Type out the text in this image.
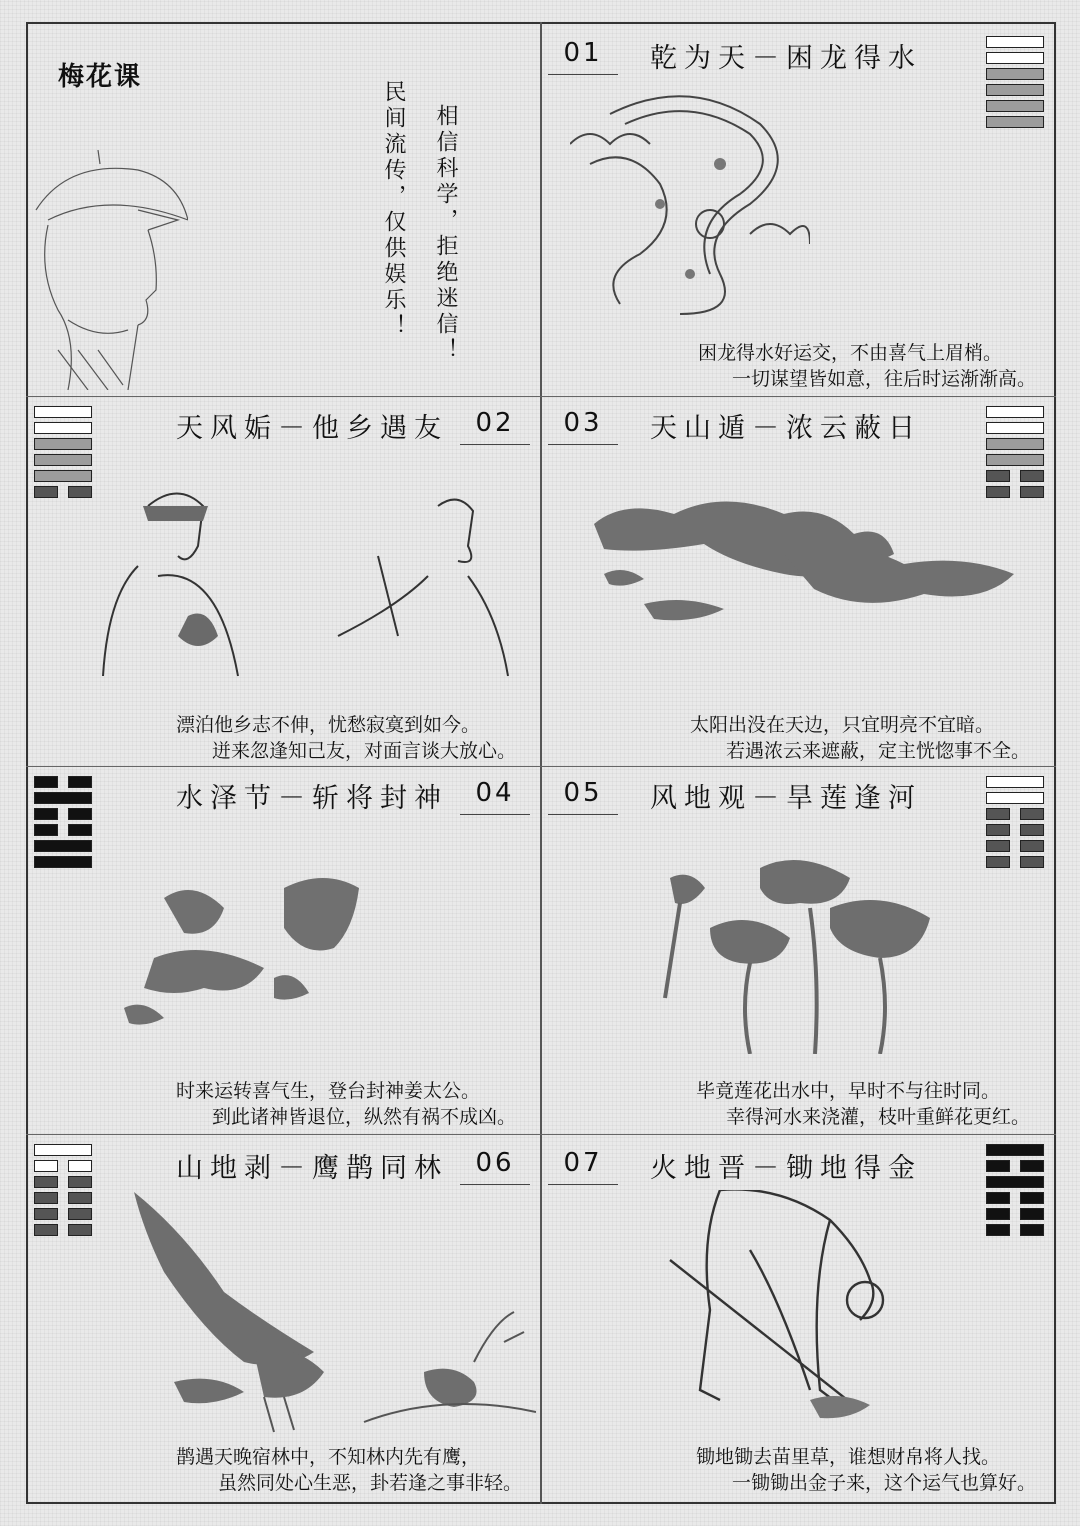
梅花课
民间流传，仅供娱乐！ 相信科学，拒绝迷信！
01	乾为天－困龙得水
困龙得水好运交，不由喜气上眉梢。
一切谋望皆如意，往后时运渐渐高。
天风姤－他乡遇友	02
漂泊他乡志不伸，忧愁寂寞到如今。
迸来忽逢知己友，对面言谈大放心。
03	天山遁－浓云蔽日
太阳出没在天边，只宜明亮不宜暗。
若遇浓云来遮蔽，定主恍惚事不全。
水泽节－斩将封神	04
时来运转喜气生，登台封神姜太公。
到此诸神皆退位，纵然有祸不成凶。
05	风地观－旱莲逢河
毕竟莲花出水中，早时不与往时同。
幸得河水来浇灌，枝叶重鲜花更红。
山地剥－鹰鹊同林	06
鹊遇天晚宿林中，不知林内先有鹰，
虽然同处心生恶，卦若逢之事非轻。
07	火地晋－锄地得金
锄地锄去苗里草，谁想财帛将人找。
一锄锄出金子来，这个运气也算好。
